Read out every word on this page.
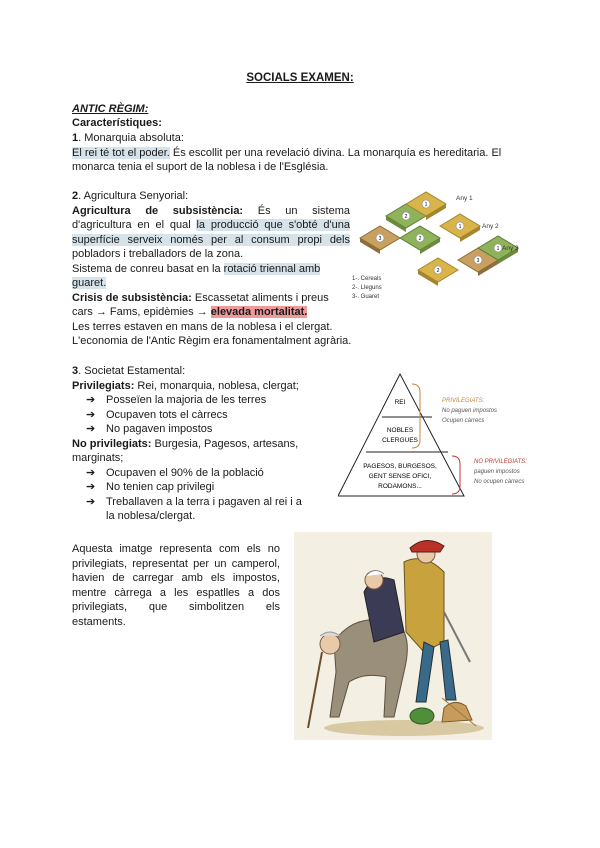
SOCIALS EXAMEN:
ANTIC RÈGIM:
Característiques:
1. Monarquia absoluta:
El rei té tot el poder. És escollit per una revelació divina. La monarquía es hereditaria. El monarca tenia el suport de la noblesa i de l'Església.
2. Agricultura Senyorial:
Agricultura de subsistència: És un sistema d'agricultura en el qual la producció que s'obté d'una superfície serveix només per al consum propi dels pobladors i treballadors de la zona.
Sistema de conreu basat en la rotació triennal amb guaret.
Crisis de subsistència: Escassetat aliments i preus cars → Fams, epidèmies → elevada mortalitat.
Les terres estaven en mans de la noblesa i el clergat.
L'economia de l'Antic Règim era fonamentalment agrària.
1
2
3	2
1
2
3
1
Any 1
Any 2
Any 3
1-. Cereals
2-. Lleguns
3-. Guaret
3. Societat Estamental:
Privilegiats: Rei, monarquia, noblesa, clergat;
➔ Posseïen la majoria de les terres
➔ Ocupaven tots el càrrecs
➔ No pagaven impostos
No privilegiats: Burgesia, Pagesos, artesans, marginats;
➔ Ocupaven el 90% de la població
➔ No tenien cap privilegi
➔ Treballaven a la terra i pagaven al rei i a la noblesa/clergat.
REI
NOBLES
CLERGUES
PAGESOS, BURGESOS,
GENT SENSE OFICI,
RODAMONS...
PRIVILEGIATS:
No paguen impostos
Ocupen càrrecs
NO PRIVILEGIATS:
paguen impostos
No ocupen càrrecs
Aquesta imatge representa com els no privilegiats, representat per un camperol, havien de carregar amb els impostos, mentre càrrega a les espatlles a dos privilegiats, que simbolitzen els estaments.
